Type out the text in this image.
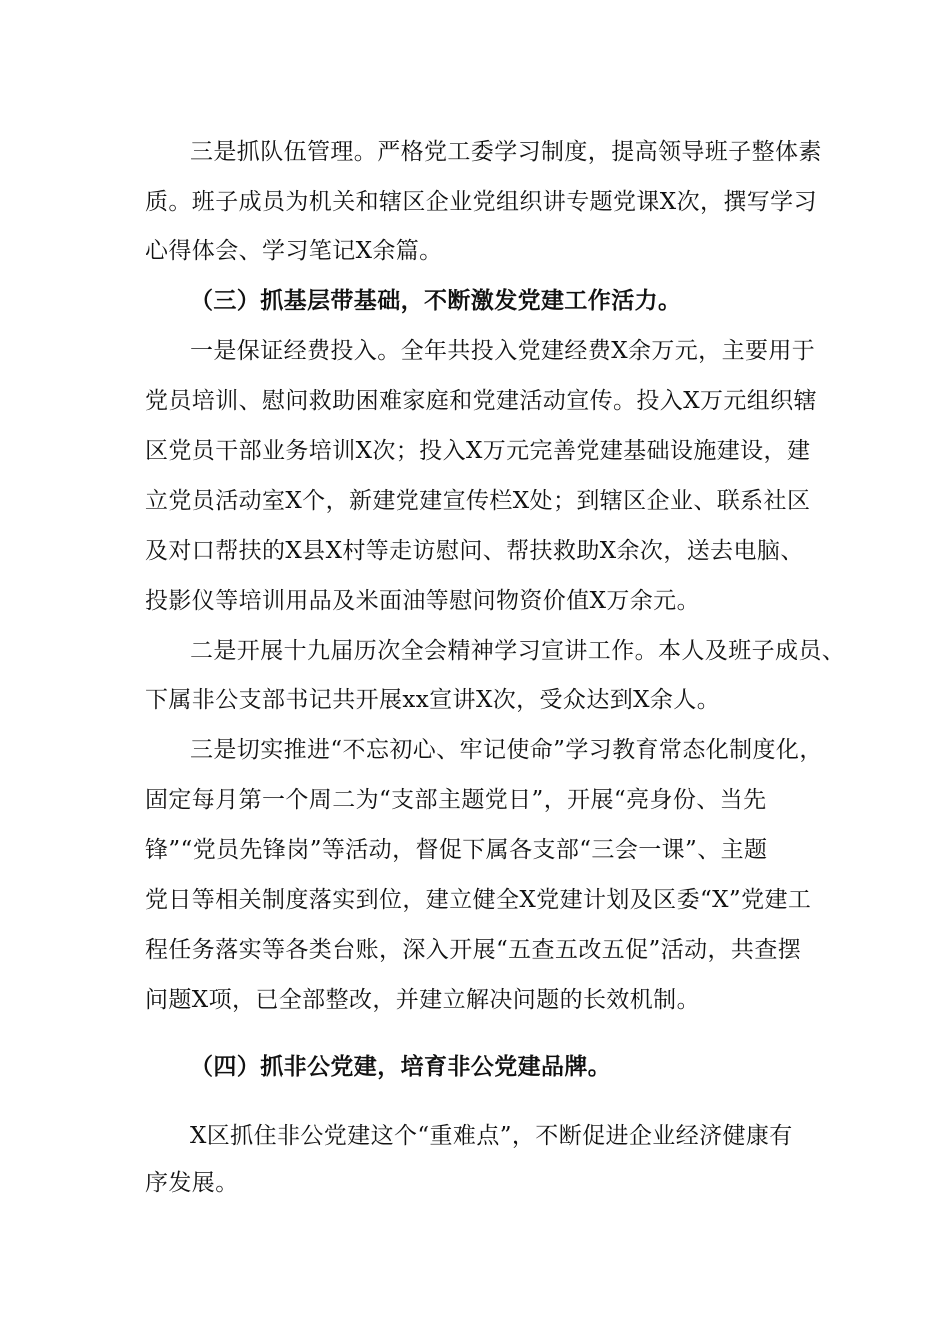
三是抓队伍管理。严格党工委学习制度，提高领导班子整体素
质。班子成员为机关和辖区企业党组织讲专题党课X次，撰写学习
心得体会、学习笔记X余篇。
（三）抓基层带基础，不断激发党建工作活力。
一是保证经费投入。全年共投入党建经费X余万元，主要用于
党员培训、慰问救助困难家庭和党建活动宣传。投入X万元组织辖
区党员干部业务培训X次；投入X万元完善党建基础设施建设，建
立党员活动室X个，新建党建宣传栏X处；到辖区企业、联系社区
及对口帮扶的X县X村等走访慰问、帮扶救助X余次，送去电脑、
投影仪等培训用品及米面油等慰问物资价值X万余元。
二是开展十九届历次全会精神学习宣讲工作。本人及班子成员、
下属非公支部书记共开展xx宣讲X次，受众达到X余人。
三是切实推进“不忘初心、牢记使命”学习教育常态化制度化，
固定每月第一个周二为“支部主题党日”，开展“亮身份、当先
锋”“党员先锋岗”等活动，督促下属各支部“三会一课”、主题
党日等相关制度落实到位，建立健全X党建计划及区委“X”党建工
程任务落实等各类台账，深入开展“五查五改五促”活动，共查摆
问题X项，已全部整改，并建立解决问题的长效机制。
（四）抓非公党建，培育非公党建品牌。
X区抓住非公党建这个“重难点”，不断促进企业经济健康有
序发展。
